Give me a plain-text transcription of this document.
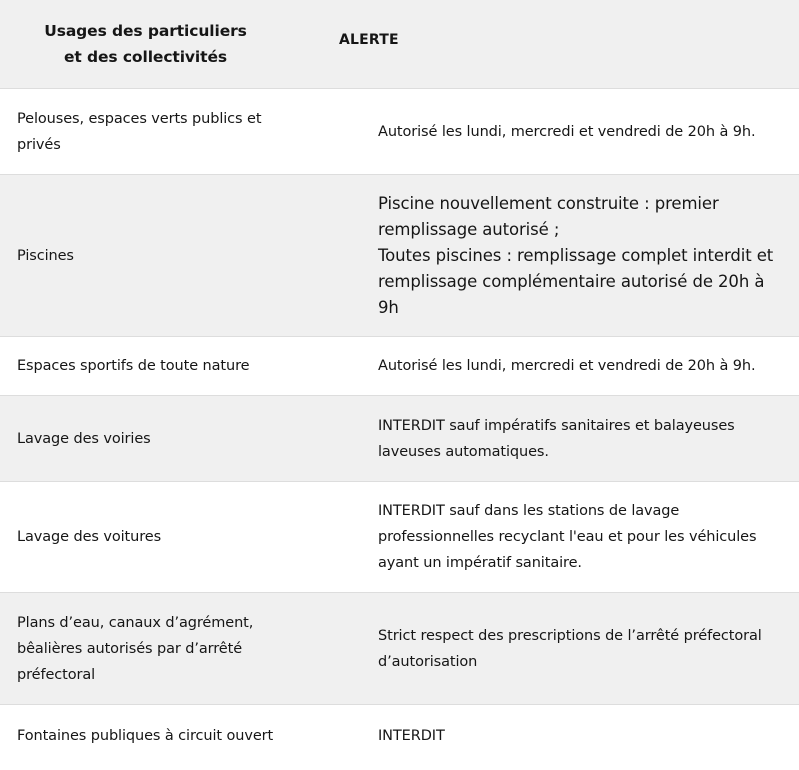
Usages des particuliers
et des collectivités
ALERTE
Pelouses, espaces verts publics et
privés
Autorisé les lundi, mercredi et vendredi de 20h à 9h.
Piscines
Piscine nouvellement construite : premier
remplissage autorisé ;
Toutes piscines : remplissage complet interdit et
remplissage complémentaire autorisé de 20h à
9h
Espaces sportifs de toute nature	Autorisé les lundi, mercredi et vendredi de 20h à 9h.
Lavage des voiries
INTERDIT sauf impératifs sanitaires et balayeuses
laveuses automatiques.
Lavage des voitures
INTERDIT sauf dans les stations de lavage
professionnelles recyclant l'eau et pour les véhicules
ayant un impératif sanitaire.
Plans d’eau, canaux d’agrément,
bêalières autorisés par d’arrêté
préfectoral
Strict respect des prescriptions de l’arrêté préfectoral
d’autorisation
Fontaines publiques à circuit ouvert	INTERDIT
